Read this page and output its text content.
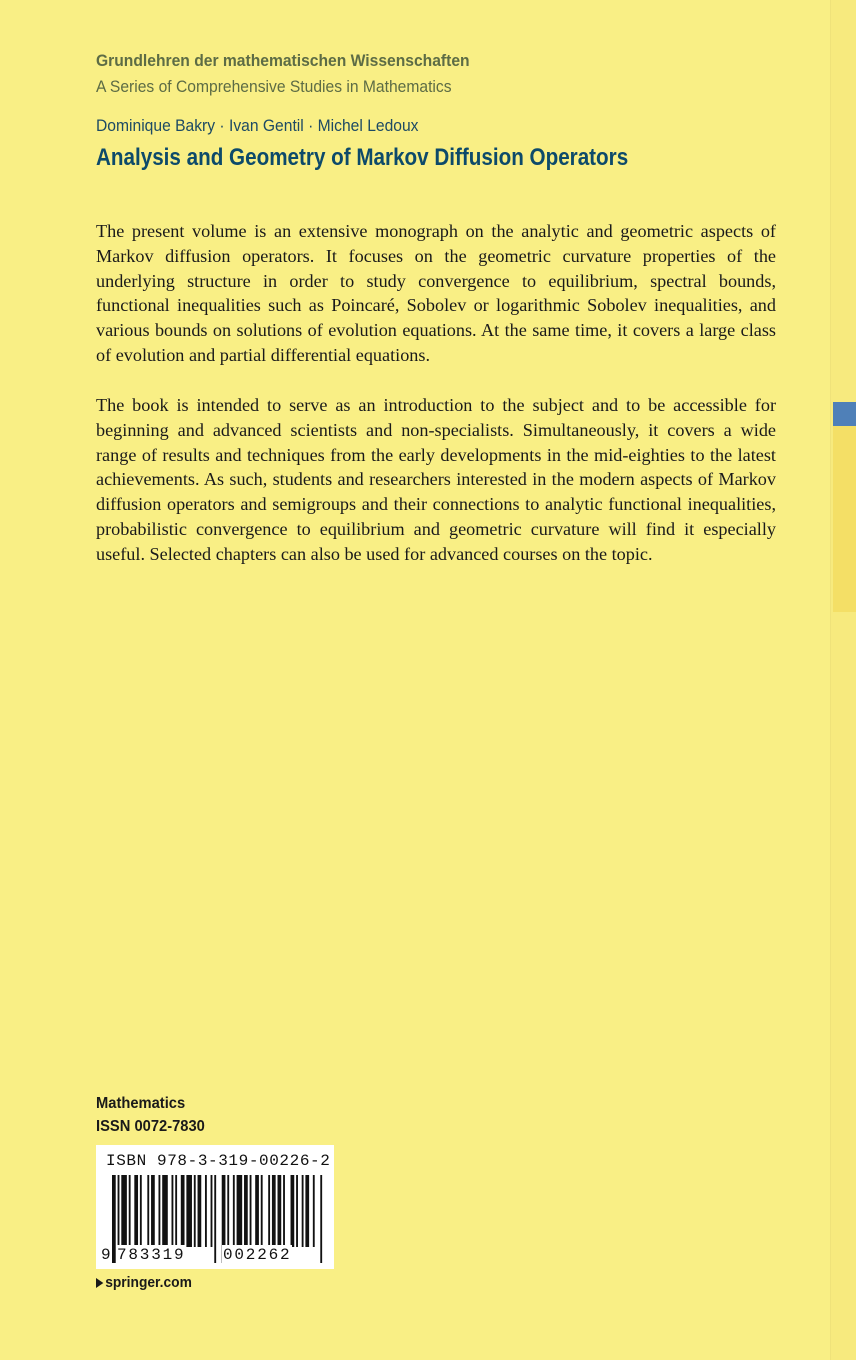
Grundlehren der mathematischen Wissenschaften
A Series of Comprehensive Studies in Mathematics
Dominique Bakry · Ivan Gentil · Michel Ledoux
Analysis and Geometry of Markov Diffusion Operators

The present volume is an extensive monograph on the analytic and geometric aspects of Markov diffusion operators. It focuses on the geometric curvature properties of the underlying structure in order to study convergence to equilibrium, spectral bounds, functional inequalities such as Poincaré, Sobolev or logarithmic Sobolev inequalities, and various bounds on solutions of evolution equations. At the same time, it covers a large class of evolution and partial differential equations.

The book is intended to serve as an introduction to the subject and to be accessible for beginning and advanced scientists and non-specialists. Simultaneously, it covers a wide range of results and techniques from the early developments in the mid-eighties to the latest achievements. As such, students and researchers interested in the modern aspects of Markov diffusion operators and semigroups and their connections to analytic functional inequalities, probabilistic convergence to equilibrium and geometric curvature will find it especially useful. Selected chapters can also be used for advanced courses on the topic.

Mathematics
ISSN 0072-7830
ISBN 978-3-319-00226-2
9 783319 002262
springer.com
